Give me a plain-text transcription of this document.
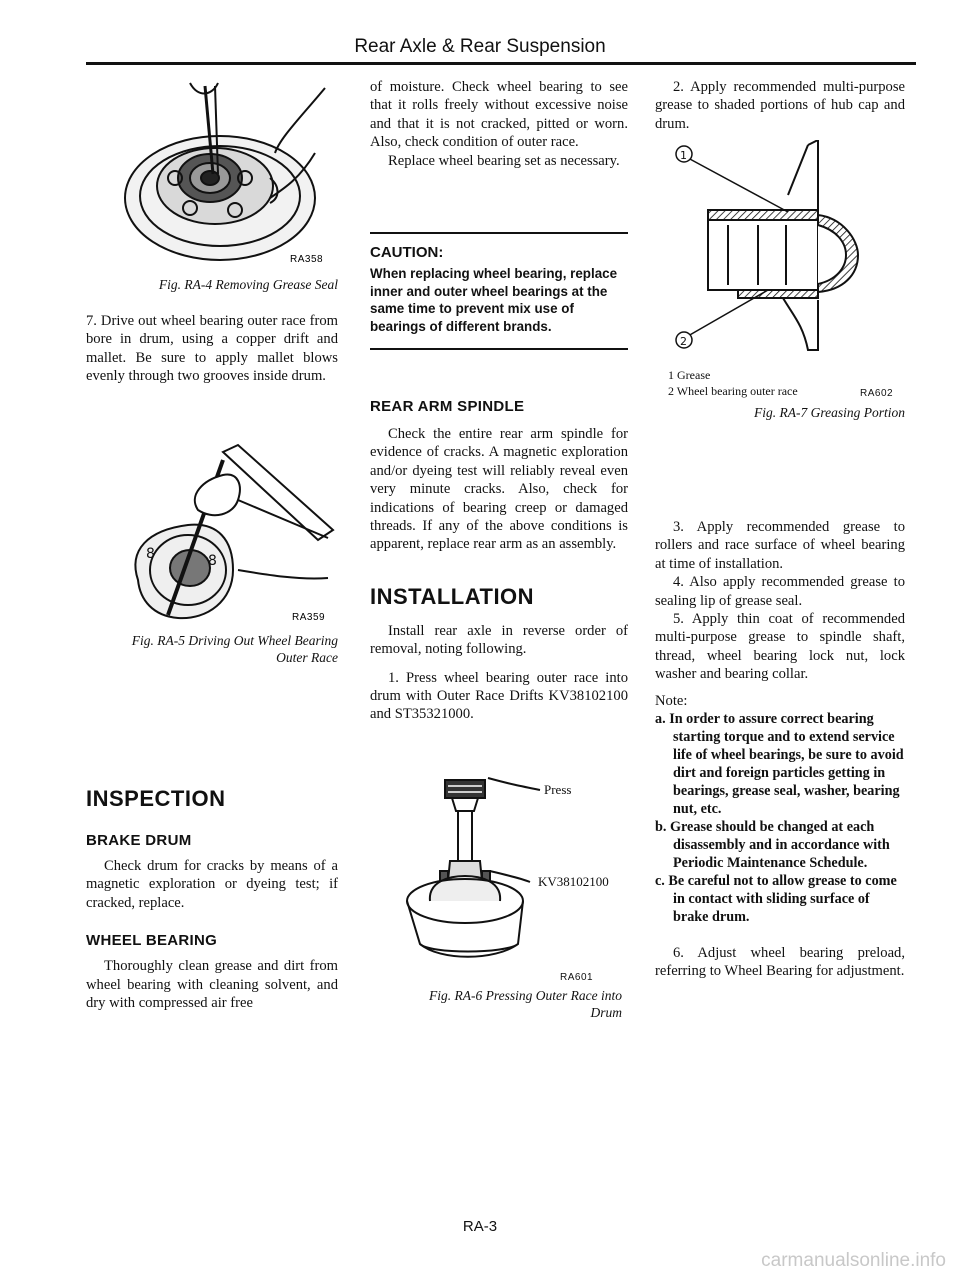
Rear Axle & Rear Suspension
RA358

Fig. RA-4 Removing Grease Seal

7. Drive out wheel bearing outer race from bore in drum, using a copper drift and mallet. Be sure to apply mallet blows evenly through two grooves inside drum.

8	8
RA359

Fig. RA-5 Driving Out Wheel Bearing

Outer Race

INSPECTION

BRAKE DRUM

Check drum for cracks by means of a magnetic exploration or dyeing test; if cracked, replace.

WHEEL BEARING

Thoroughly clean grease and dirt from wheel bearing with cleaning solvent, and dry with compressed air free

of moisture. Check wheel bearing to see that it rolls freely without excessive noise and that it is not cracked, pitted or worn. Also, check condition of outer race.

Replace wheel bearing set as necessary.

CAUTION:

When replacing wheel bearing, replace inner and outer wheel bearings at the same time to prevent mix use of bearings of different brands.

REAR ARM SPINDLE

Check the entire rear arm spindle for evidence of cracks. A magnetic exploration and/or dyeing test will reliably reveal even very minute cracks. Also, check for indications of bearing creep or damaged threads. If any of the above conditions is apparent, replace rear arm as an assembly.

INSTALLATION

Install rear axle in reverse order of removal, noting following.

1. Press wheel bearing outer race into drum with Outer Race Drifts KV38102100 and ST35321000.

Press
KV38102100
RA601

Fig. RA-6 Pressing Outer Race into

Drum

2. Apply recommended multi-purpose grease to shaded portions of hub cap and drum.

1
2
1 Grease
2 Wheel bearing outer race	RA602

Fig. RA-7 Greasing Portion

3. Apply recommended grease to rollers and race surface of wheel bearing at time of installation.

4. Also apply recommended grease to sealing lip of grease seal.

5. Apply thin coat of recommended multi-purpose grease to spindle shaft, thread, wheel bearing lock nut, lock washer and bearing collar.

Note:

a. In order to assure correct bearing starting torque and to extend service life of wheel bearings, be sure to avoid dirt and foreign particles getting in bearings, grease seal, washer, bearing nut, etc.

b. Grease should be changed at each disassembly and in accordance with Periodic Maintenance Schedule.

c. Be careful not to allow grease to come in contact with sliding surface of brake drum.

6. Adjust wheel bearing preload, referring to Wheel Bearing for adjustment.

RA-3
carmanualsonline.info
